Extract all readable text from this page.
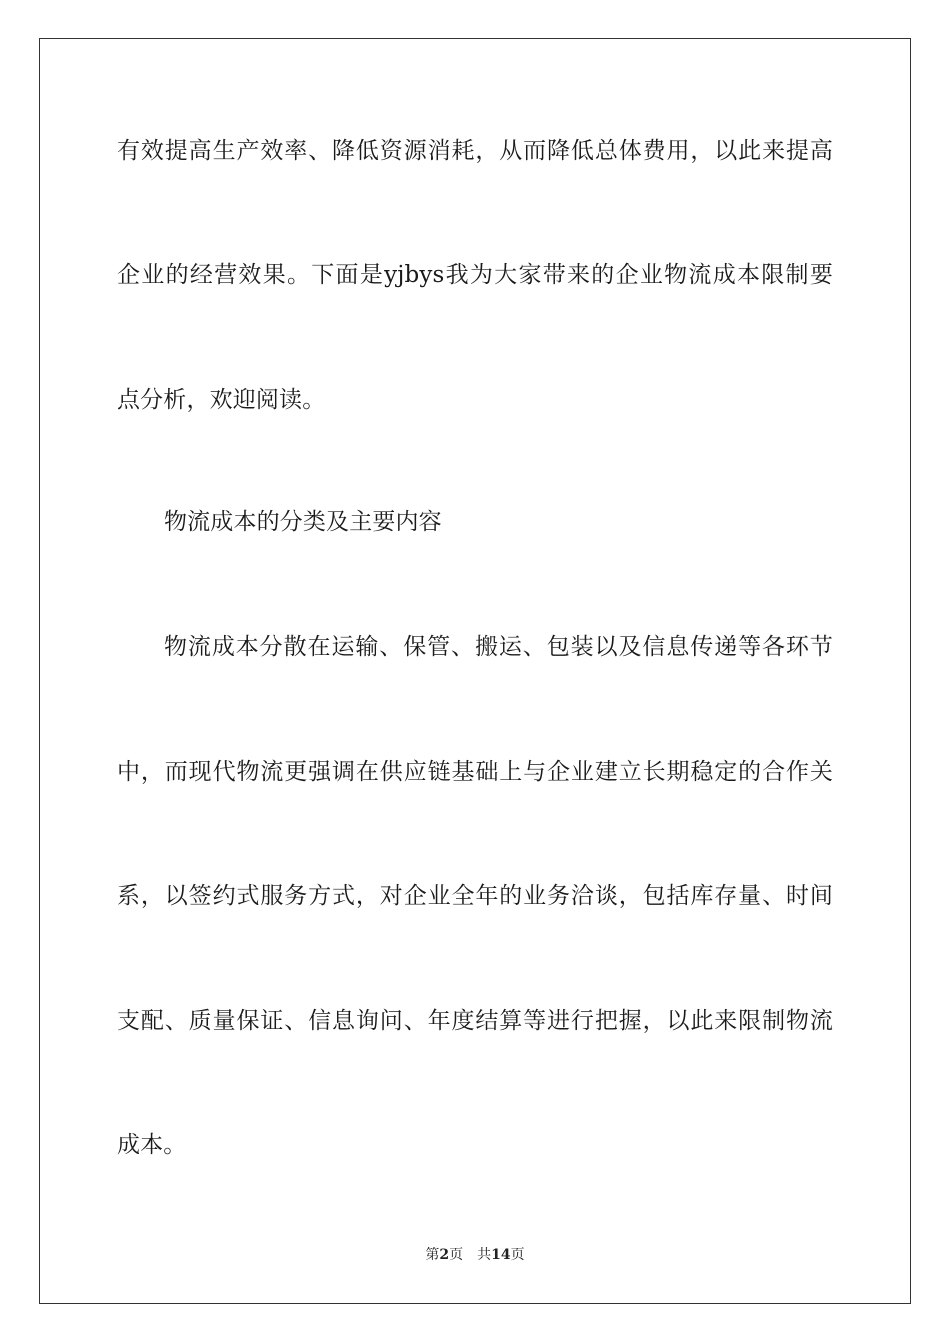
有效提高生产效率、降低资源消耗，从而降低总体费用，以此来提高
企业的经营效果。下面是yjbys我为大家带来的企业物流成本限制要
点分析，欢迎阅读。
物流成本的分类及主要内容
物流成本分散在运输、保管、搬运、包装以及信息传递等各环节
中，而现代物流更强调在供应链基础上与企业建立长期稳定的合作关
系，以签约式服务方式，对企业全年的业务洽谈，包括库存量、时间
支配、质量保证、信息询问、年度结算等进行把握，以此来限制物流
成本。
第2页 共14页
